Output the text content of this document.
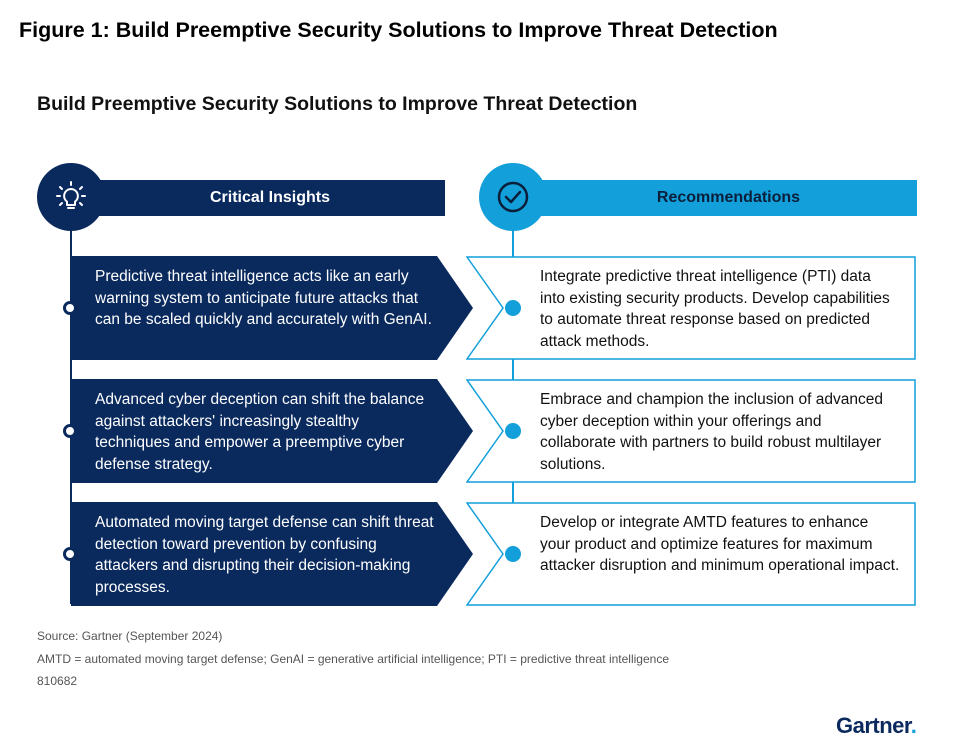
Figure 1: Build Preemptive Security Solutions to Improve Threat Detection
Build Preemptive Security Solutions to Improve Threat Detection
Critical Insights	Recommendations
Predictive threat intelligence acts like an early warning system to anticipate future attacks that can be scaled quickly and accurately with GenAI.
Integrate predictive threat intelligence (PTI) data into existing security products. Develop capabilities to automate threat response based on predicted attack methods.
Advanced cyber deception can shift the balance against attackers' increasingly stealthy techniques and empower a preemptive cyber defense strategy.
Embrace and champion the inclusion of advanced cyber deception within your offerings and collaborate with partners to build robust multilayer solutions.
Automated moving target defense can shift threat detection toward prevention by confusing attackers and disrupting their decision-making processes.
Develop or integrate AMTD features to enhance your product and optimize features for maximum attacker disruption and minimum operational impact.
Source: Gartner (September 2024)
AMTD = automated moving target defense; GenAI = generative artificial intelligence; PTI = predictive threat intelligence
810682
Gartner.
